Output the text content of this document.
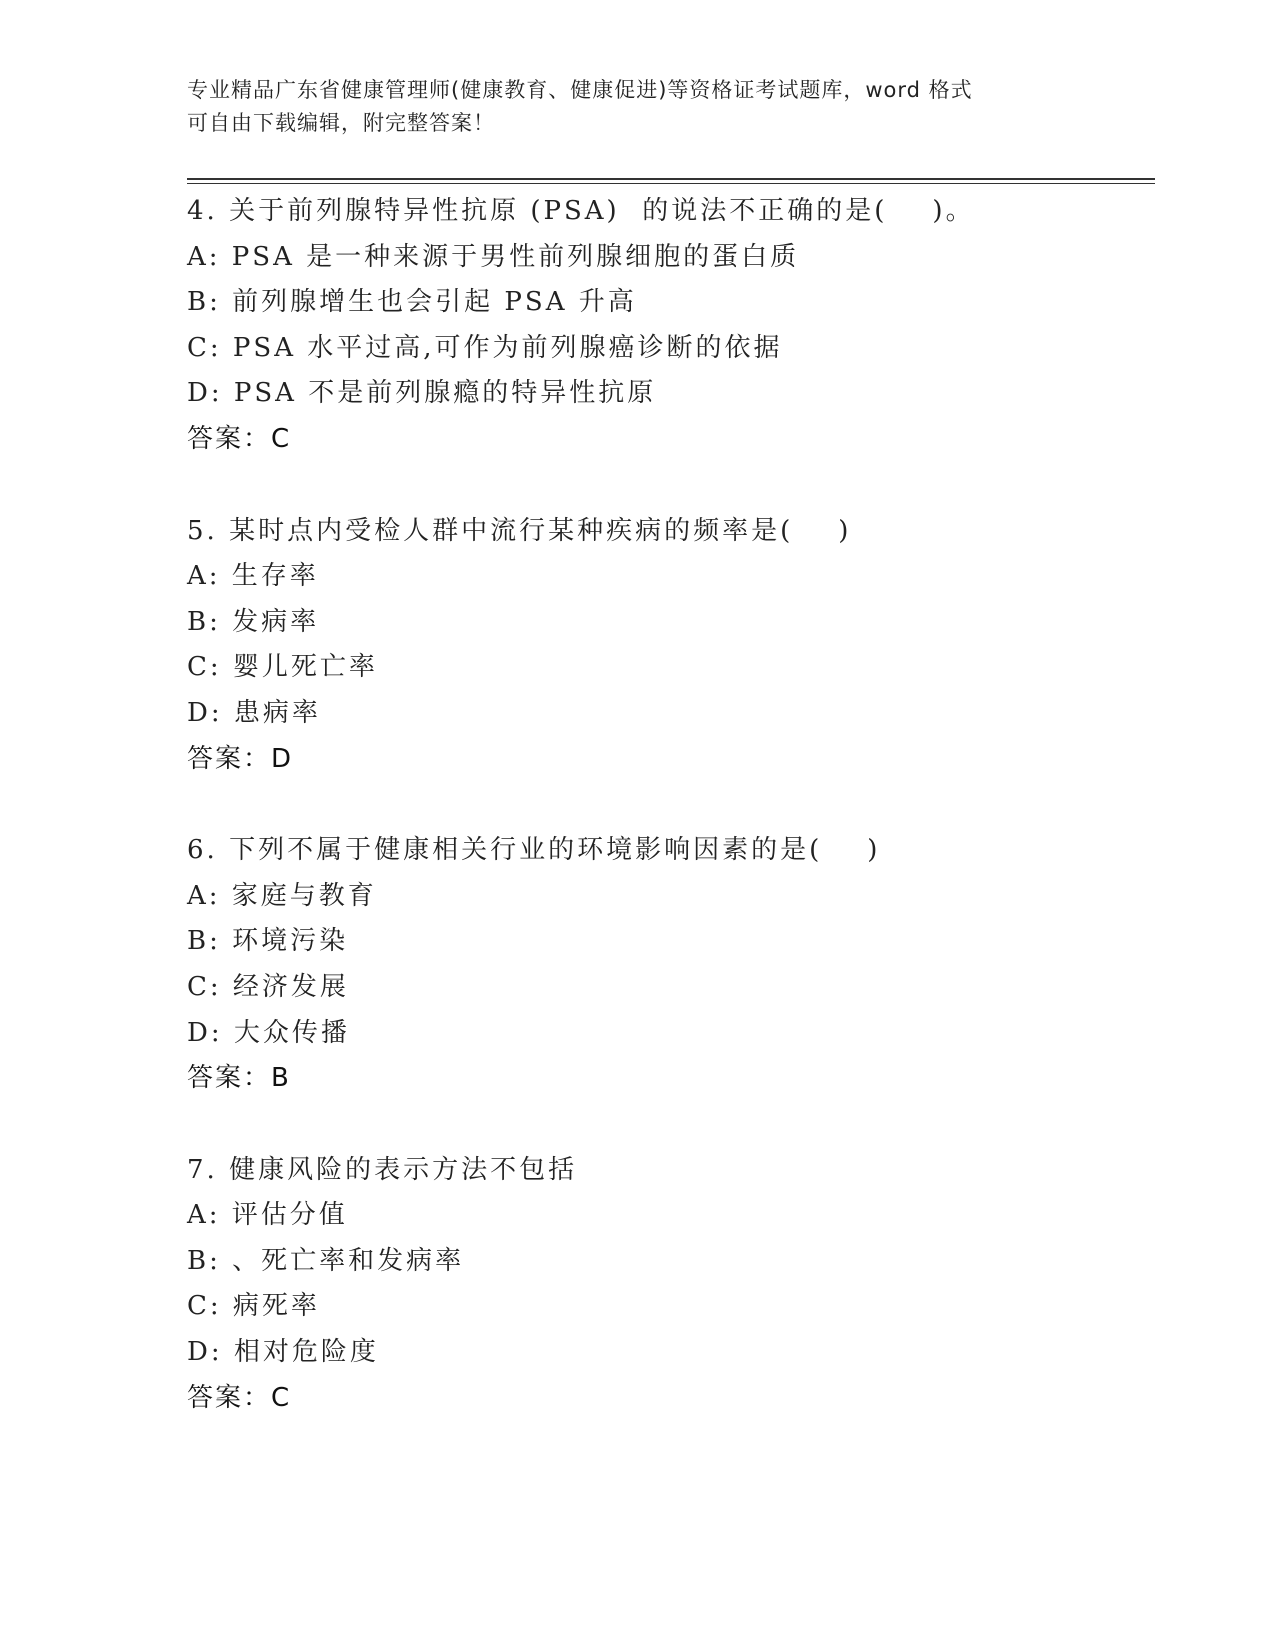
专业精品广东省健康管理师(健康教育、健康促进)等资格证考试题库，word 格式
可自由下载编辑，附完整答案！
4. 关于前列腺特异性抗原 (PSA)  的说法不正确的是(    )。
A: PSA 是一种来源于男性前列腺细胞的蛋白质
B: 前列腺增生也会引起 PSA 升高
C: PSA 水平过高,可作为前列腺癌诊断的依据
D: PSA 不是前列腺瘾的特异性抗原
答案：C
5. 某时点内受检人群中流行某种疾病的频率是(    )
A: 生存率
B: 发病率
C: 婴儿死亡率
D: 患病率
答案：D
6. 下列不属于健康相关行业的环境影响因素的是(    )
A: 家庭与教育
B: 环境污染
C: 经济发展
D: 大众传播
答案：B
7. 健康风险的表示方法不包括
A: 评估分值
B: 、死亡率和发病率
C: 病死率
D: 相对危险度
答案：C
